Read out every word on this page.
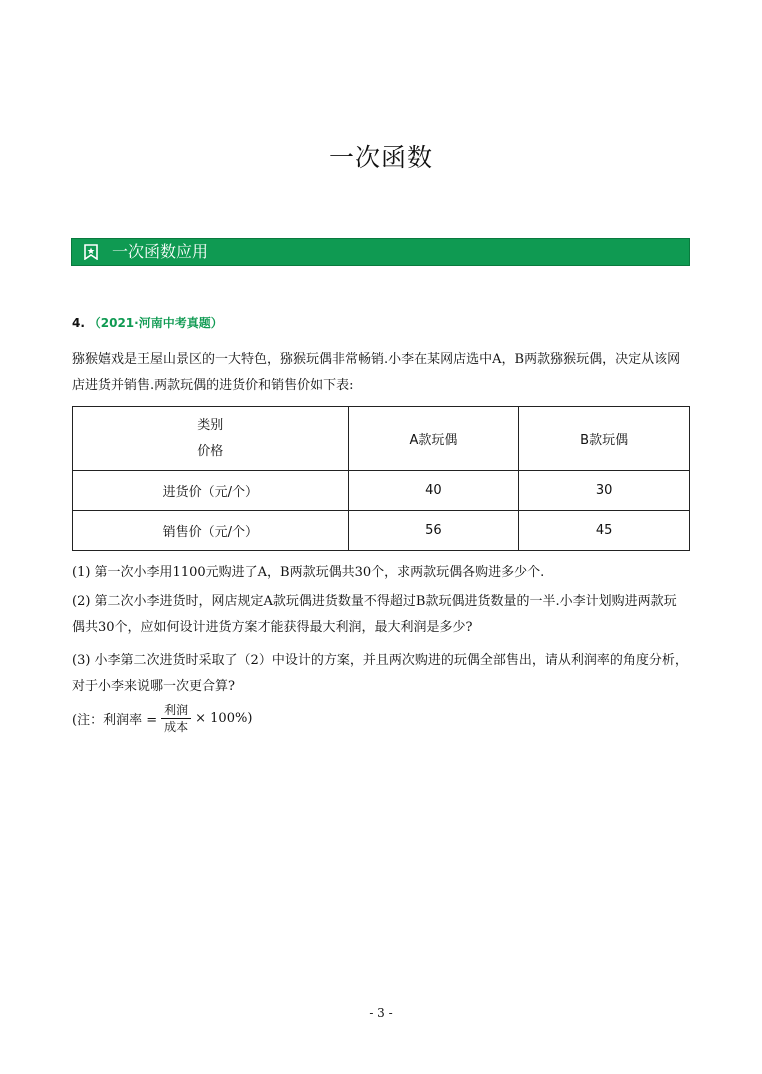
一次函数
一次函数应用
4. （2021·河南中考真题）
猕猴嬉戏是王屋山景区的一大特色，猕猴玩偶非常畅销.小李在某网店选中A，B两款猕猴玩偶，决定从该网
店进货并销售.两款玩偶的进货价和销售价如下表:
类别
价格	A款玩偶	B款玩偶
进货价（元/个）	40	30
销售价（元/个）	56	45
(1) 第一次小李用1100元购进了A，B两款玩偶共30个，求两款玩偶各购进多少个.
(2) 第二次小李进货时，网店规定A款玩偶进货数量不得超过B款玩偶进货数量的一半.小李计划购进两款玩
偶共30个，应如何设计进货方案才能获得最大利润，最大利润是多少?
(3) 小李第二次进货时采取了（2）中设计的方案，并且两次购进的玩偶全部售出，请从利润率的角度分析，
对于小李来说哪一次更合算?
(注：利润率 = $\frac{\text{利润}}{\text{成本}} \times 100\%$)
- 3 -
